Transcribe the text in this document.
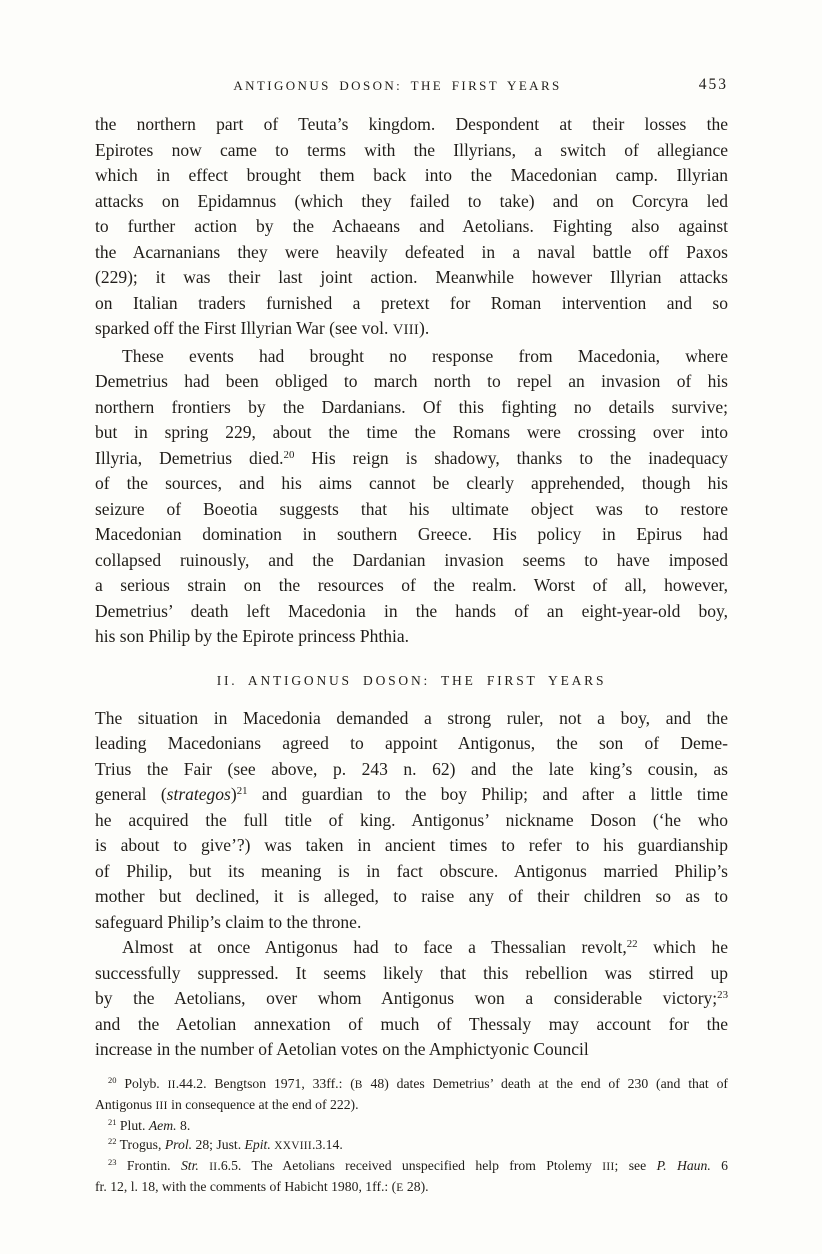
ANTIGONUS DOSON: THE FIRST YEARS	453
the northern part of Teuta’s kingdom. Despondent at their losses the
Epirotes now came to terms with the Illyrians, a switch of allegiance
which in effect brought them back into the Macedonian camp. Illyrian
attacks on Epidamnus (which they failed to take) and on Corcyra led
to further action by the Achaeans and Aetolians. Fighting also against
the Acarnanians they were heavily defeated in a naval battle off Paxos
(229); it was their last joint action. Meanwhile however Illyrian attacks
on Italian traders furnished a pretext for Roman intervention and so
sparked off the First Illyrian War (see vol. VIII).
These events had brought no response from Macedonia, where
Demetrius had been obliged to march north to repel an invasion of his
northern frontiers by the Dardanians. Of this fighting no details survive;
but in spring 229, about the time the Romans were crossing over into
Illyria, Demetrius died.$^{20}$ His reign is shadowy, thanks to the inadequacy
of the sources, and his aims cannot be clearly apprehended, though his
seizure of Boeotia suggests that his ultimate object was to restore
Macedonian domination in southern Greece. His policy in Epirus had
collapsed ruinously, and the Dardanian invasion seems to have imposed
a serious strain on the resources of the realm. Worst of all, however,
Demetrius’ death left Macedonia in the hands of an eight-year-old boy,
his son Philip by the Epirote princess Phthia.
II. ANTIGONUS DOSON: THE FIRST YEARS
The situation in Macedonia demanded a strong ruler, not a boy, and the
leading Macedonians agreed to appoint Antigonus, the son of Deme-
Trius the Fair (see above, p. 243 n. 62) and the late king’s cousin, as
general (strategos)$^{21}$ and guardian to the boy Philip; and after a little time
he acquired the full title of king. Antigonus’ nickname Doson (‘he who
is about to give’?) was taken in ancient times to refer to his guardianship
of Philip, but its meaning is in fact obscure. Antigonus married Philip’s
mother but declined, it is alleged, to raise any of their children so as to
safeguard Philip’s claim to the throne.
Almost at once Antigonus had to face a Thessalian revolt,$^{22}$ which he
successfully suppressed. It seems likely that this rebellion was stirred up
by the Aetolians, over whom Antigonus won a considerable victory;$^{23}$
and the Aetolian annexation of much of Thessaly may account for the
increase in the number of Aetolian votes on the Amphictyonic Council
$^{20}$ Polyb. II.44.2. Bengtson 1971, 33ff.: (B 48) dates Demetrius’ death at the end of 230 (and that of
Antigonus III in consequence at the end of 222).
$^{21}$ Plut. Aem. 8.
$^{22}$ Trogus, Prol. 28; Just. Epit. XXVIII.3.14.
$^{23}$ Frontin. Str. II.6.5. The Aetolians received unspecified help from Ptolemy III; see P. Haun. 6
fr. 12, l. 18, with the comments of Habicht 1980, 1ff.: (E 28).
